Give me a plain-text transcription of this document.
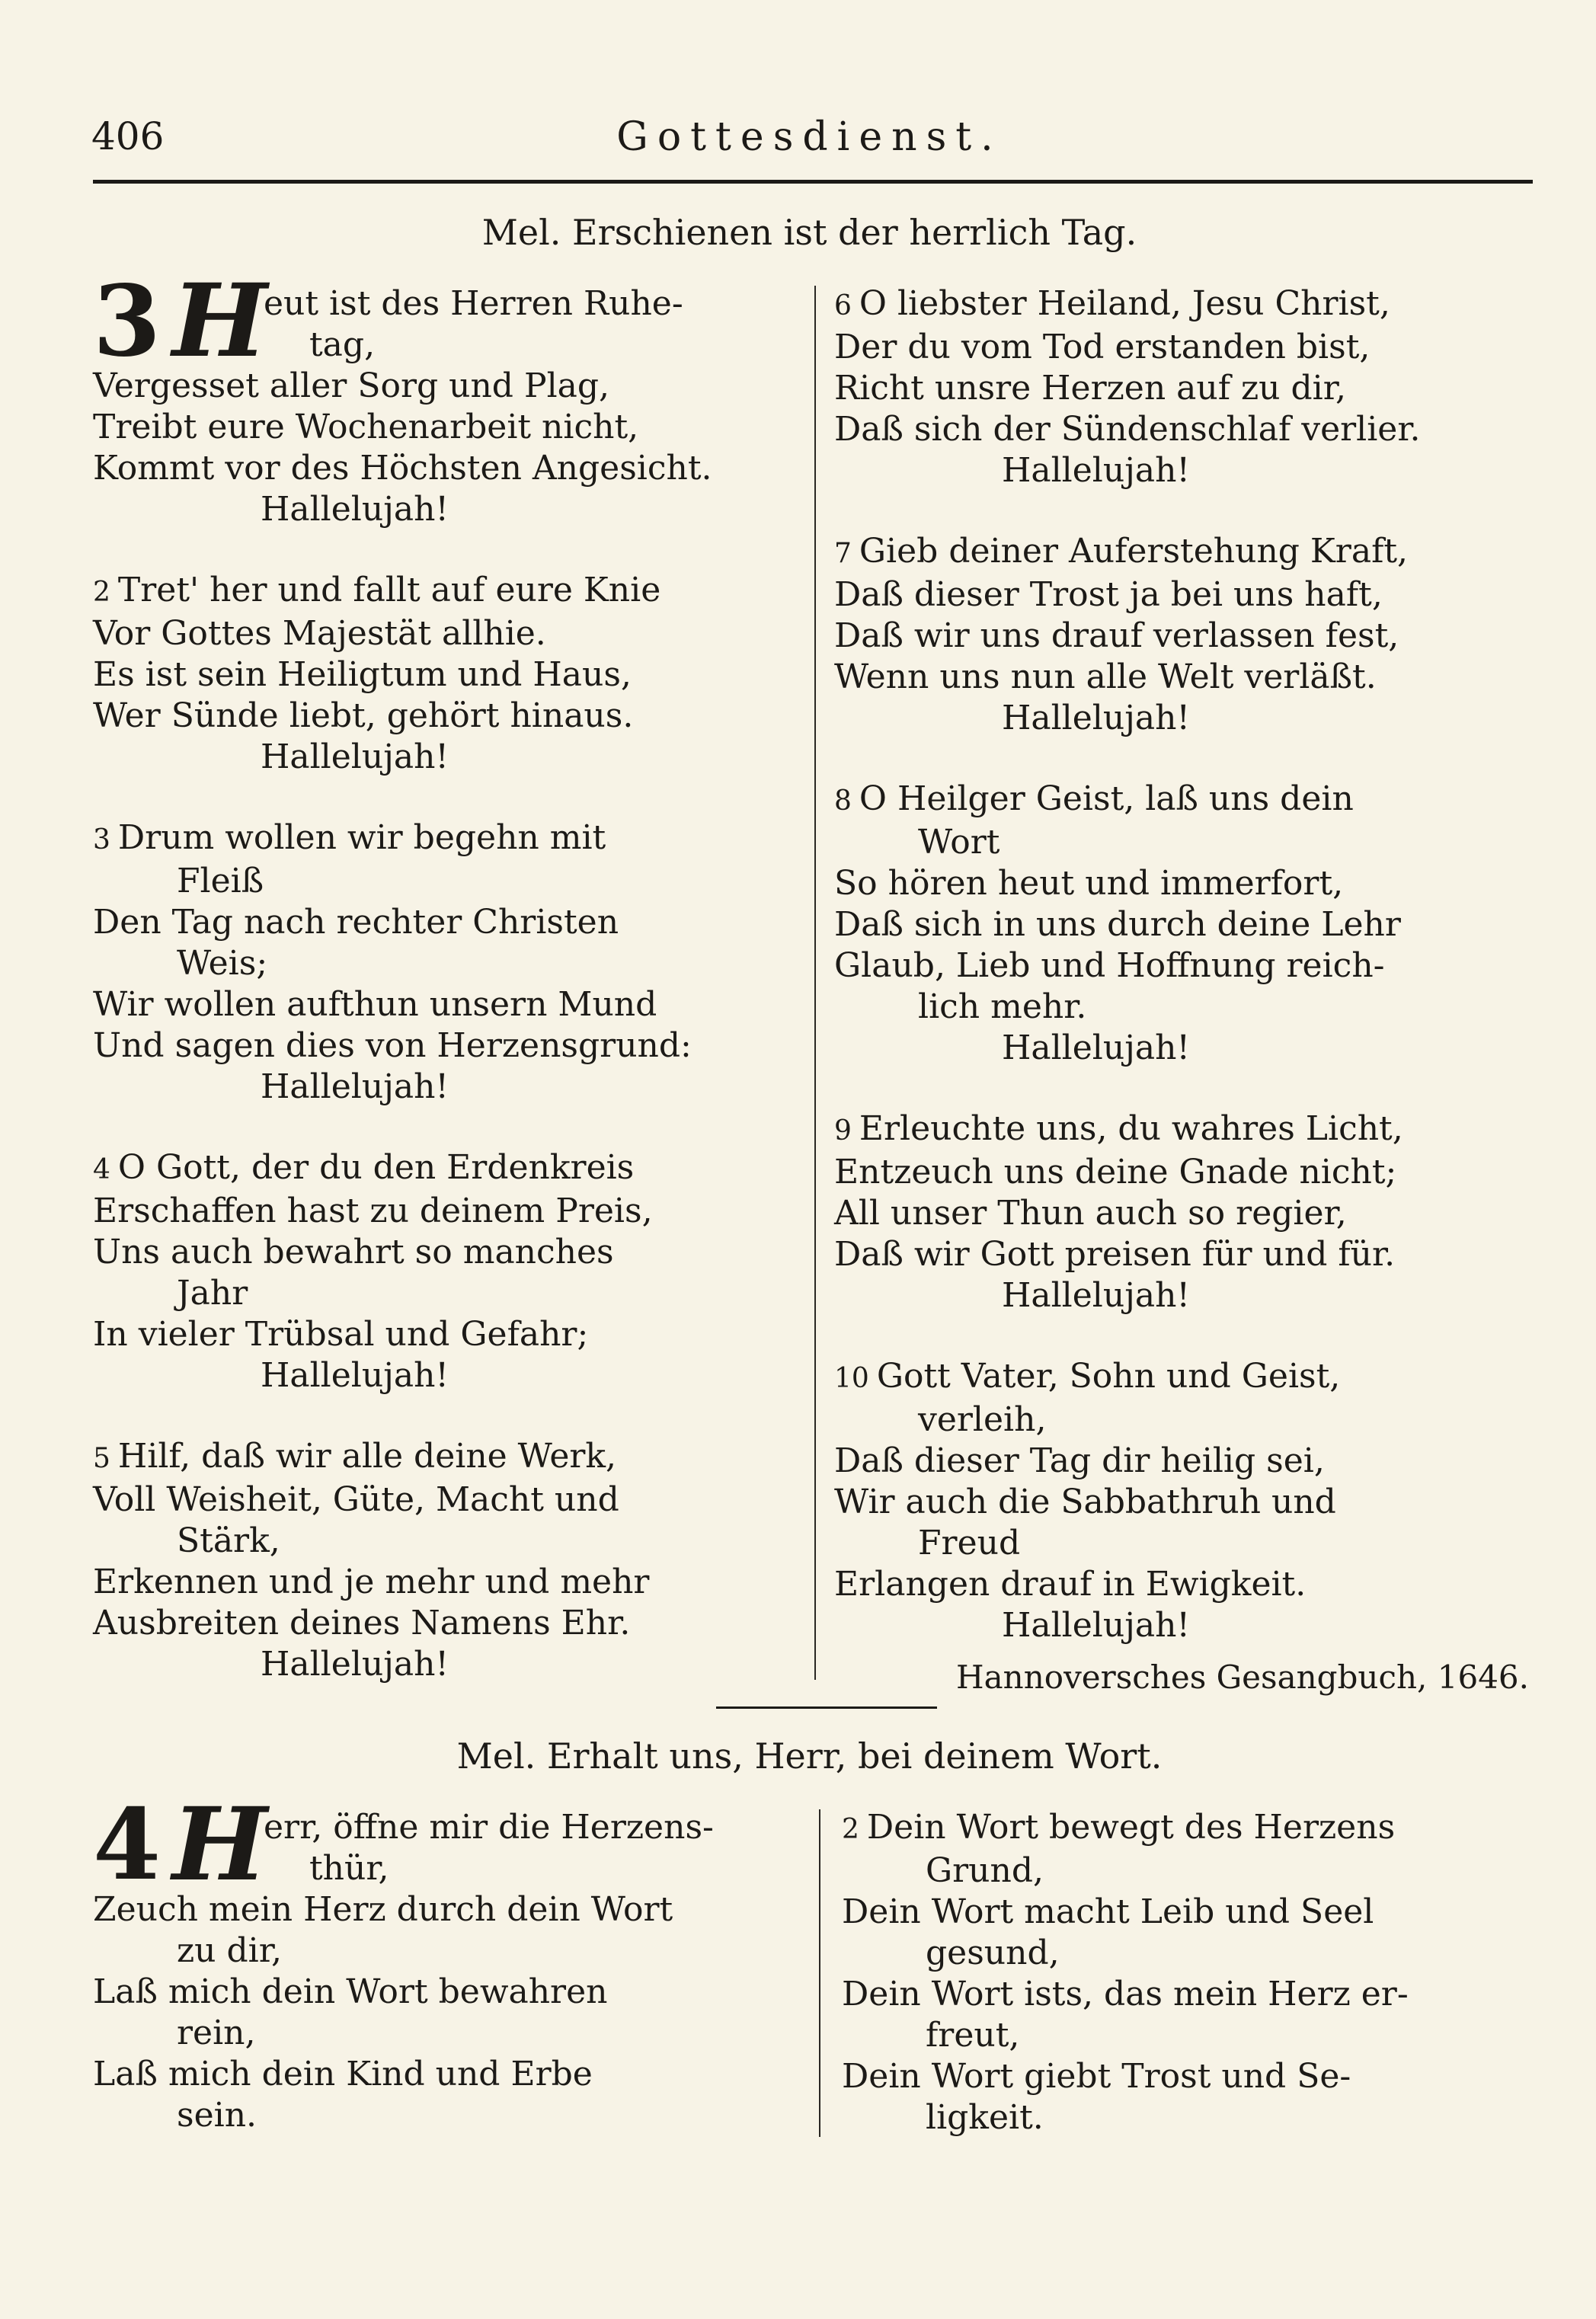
406	Gottesdienst.
Mel. Erschienen ist der herrlich Tag.
3 H
eut ist des Herren Ruhe-
tag,
Vergesset aller Sorg und Plag,
Treibt eure Wochenarbeit nicht,
Kommt vor des Höchsten Angesicht.
Hallelujah!
2 Tret' her und fallt auf eure Knie
Vor Gottes Majestät allhie.
Es ist sein Heiligtum und Haus,
Wer Sünde liebt, gehört hinaus.
Hallelujah!
3 Drum wollen wir begehn mit
Fleiß
Den Tag nach rechter Christen
Weis;
Wir wollen aufthun unsern Mund
Und sagen dies von Herzensgrund:
Hallelujah!
4 O Gott, der du den Erdenkreis
Erschaffen hast zu deinem Preis,
Uns auch bewahrt so manches
Jahr
In vieler Trübsal und Gefahr;
Hallelujah!
5 Hilf, daß wir alle deine Werk,
Voll Weisheit, Güte, Macht und
Stärk,
Erkennen und je mehr und mehr
Ausbreiten deines Namens Ehr.
Hallelujah!
6 O liebster Heiland, Jesu Christ,
Der du vom Tod erstanden bist,
Richt unsre Herzen auf zu dir,
Daß sich der Sündenschlaf verlier.
Hallelujah!
7 Gieb deiner Auferstehung Kraft,
Daß dieser Trost ja bei uns haft,
Daß wir uns drauf verlassen fest,
Wenn uns nun alle Welt verläßt.
Hallelujah!
8 O Heilger Geist, laß uns dein
Wort
So hören heut und immerfort,
Daß sich in uns durch deine Lehr
Glaub, Lieb und Hoffnung reich-
lich mehr.
Hallelujah!
9 Erleuchte uns, du wahres Licht,
Entzeuch uns deine Gnade nicht;
All unser Thun auch so regier,
Daß wir Gott preisen für und für.
Hallelujah!
10 Gott Vater, Sohn und Geist,
verleih,
Daß dieser Tag dir heilig sei,
Wir auch die Sabbathruh und
Freud
Erlangen drauf in Ewigkeit.
Hallelujah!
Hannoversches Gesangbuch, 1646.
Mel. Erhalt uns, Herr, bei deinem Wort.
4 H
err, öffne mir die Herzens-
thür,
Zeuch mein Herz durch dein Wort
zu dir,
Laß mich dein Wort bewahren
rein,
Laß mich dein Kind und Erbe
sein.
2 Dein Wort bewegt des Herzens
Grund,
Dein Wort macht Leib und Seel
gesund,
Dein Wort ists, das mein Herz er-
freut,
Dein Wort giebt Trost und Se-
ligkeit.
